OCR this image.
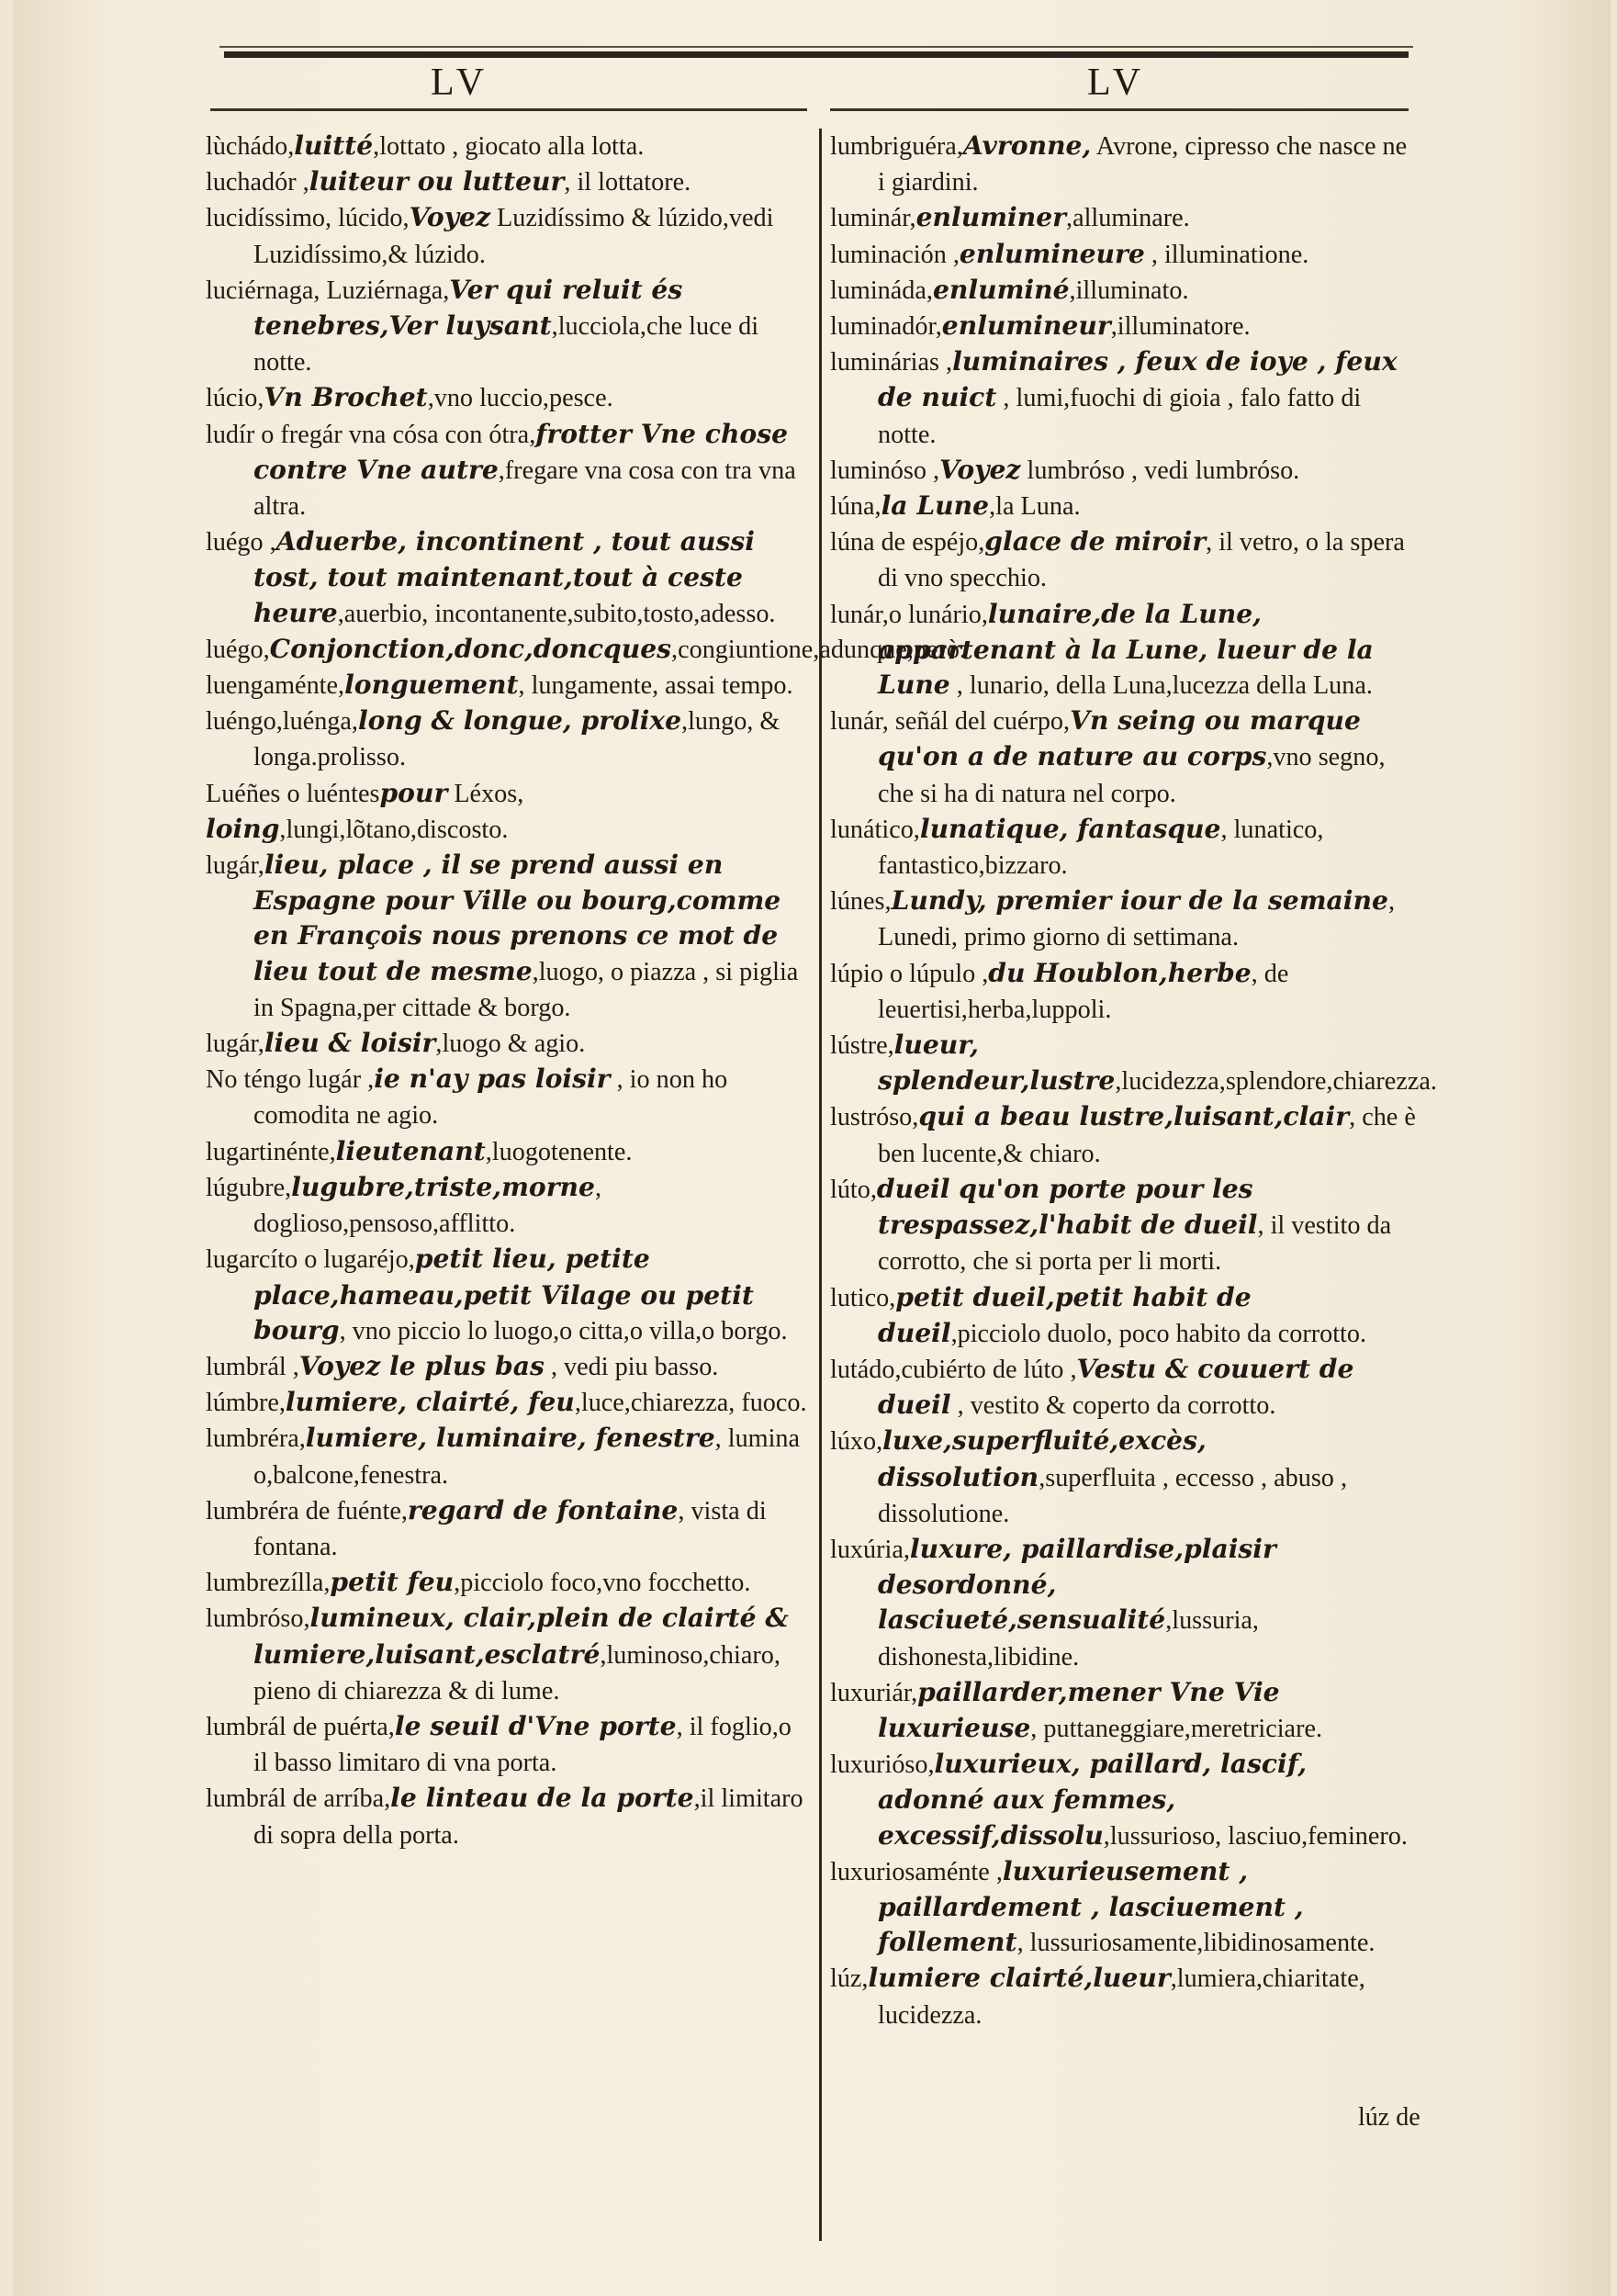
LV	LV

lùchádo,luitté,lottato , giocato alla lotta.

luchadór ,luiteur ou lutteur, il lottatore.

lucidíssimo, lúcido,Voyez Luzidíssimo & lúzido,vedi Luzidíssimo,& lúzido.

luciérnaga, Luziérnaga,Ver qui reluit és tenebres,Ver luysant,lucciola,che luce di notte.

lúcio,Vn Brochet,vno luccio,pesce.

ludír o fregár vna cósa con ótra,frotter Vne chose contre Vne autre,fregare vna cosa con tra vna altra.

luégo ,Aduerbe, incontinent , tout aussi tost, tout maintenant,tout à ceste heure,auerbio, incontanente,subito,tosto,adesso.

luégo,Conjonction,donc,doncques,congiuntione,adunque,però.

luengaménte,longuement, lungamente, assai tempo.

luéngo,luénga,long & longue, prolixe,lungo, & longa.prolisso.

Luéñes o luéntespour Léxos,

loing,lungi,lõtano,discosto.

lugár,lieu, place , il se prend aussi en Espagne pour Ville ou bourg,comme en François nous prenons ce mot de lieu tout de mesme,luogo, o piazza , si piglia in Spagna,per cittade & borgo.

lugár,lieu & loisir,luogo & agio.

No téngo lugár ,ie n'ay pas loisir , io non ho comodita ne agio.

lugartinénte,lieutenant,luogotenente.

lúgubre,lugubre,triste,morne, doglioso,pensoso,afflitto.

lugarcíto o lugaréjo,petit lieu, petite place,hameau,petit Vilage ou petit bourg, vno piccio lo luogo,o citta,o villa,o borgo.

lumbrál ,Voyez le plus bas , vedi piu basso.

lúmbre,lumiere, clairté, feu,luce,chiarezza, fuoco.

lumbréra,lumiere, luminaire, fenestre, lumina o,balcone,fenestra.

lumbréra de fuénte,regard de fontaine, vista di fontana.

lumbrezílla,petit feu,picciolo foco,vno focchetto.

lumbróso,lumineux, clair,plein de clairté & lumiere,luisant,esclatré,luminoso,chiaro, pieno di chiarezza & di lume.

lumbrál de puérta,le seuil d'Vne porte, il foglio,o il basso limitaro di vna porta.

lumbrál de arríba,le linteau de la porte,il limitaro di sopra della porta.

lumbriguéra,Avronne, Avrone, cipresso che nasce ne i giardini.

luminár,enluminer,alluminare.

luminación ,enlumineure , illuminatione.

lumináda,enluminé,illuminato.

luminadór,enlumineur,illuminatore.

luminárias ,luminaires , feux de ioye , feux de nuict , lumi,fuochi di gioia , falo fatto di notte.

luminóso ,Voyez lumbróso , vedi lumbróso.

lúna,la Lune,la Luna.

lúna de espéjo,glace de miroir, il vetro, o la spera di vno specchio.

lunár,o lunário,lunaire,de la Lune, appartenant à la Lune, lueur de la Lune , lunario, della Luna,lucezza della Luna.

lunár, señál del cuérpo,Vn seing ou marque qu'on a de nature au corps,vno segno, che si ha di natura nel corpo.

lunático,lunatique, fantasque, lunatico, fantastico,bizzaro.

lúnes,Lundy, premier iour de la semaine, Lunedi, primo giorno di settimana.

lúpio o lúpulo ,du Houblon,herbe, de leuertisi,herba,luppoli.

lústre,lueur, splendeur,lustre,lucidezza,splendore,chiarezza.

lustróso,qui a beau lustre,luisant,clair, che è ben lucente,& chiaro.

lúto,dueil qu'on porte pour les trespassez,l'habit de dueil, il vestito da corrotto, che si porta per li morti.

lutico,petit dueil,petit habit de dueil,picciolo duolo, poco habito da corrotto.

lutádo,cubiérto de lúto ,Vestu & couuert de dueil , vestito & coperto da corrotto.

lúxo,luxe,superfluité,excès, dissolution,superfluita , eccesso , abuso , dissolutione.

luxúria,luxure, paillardise,plaisir desordonné, lasciueté,sensualité,lussuria, dishonesta,libidine.

luxuriár,paillarder,mener Vne Vie luxurieuse, puttaneggiare,meretriciare.

luxurióso,luxurieux, paillard, lascif, adonné aux femmes, excessif,dissolu,lussurioso, lasciuo,feminero.

luxuriosaménte ,luxurieusement , paillardement , lasciuement , follement, lussuriosamente,libidinosamente.

lúz,lumiere clairté,lueur,lumiera,chiaritate, lucidezza.

lúz de
